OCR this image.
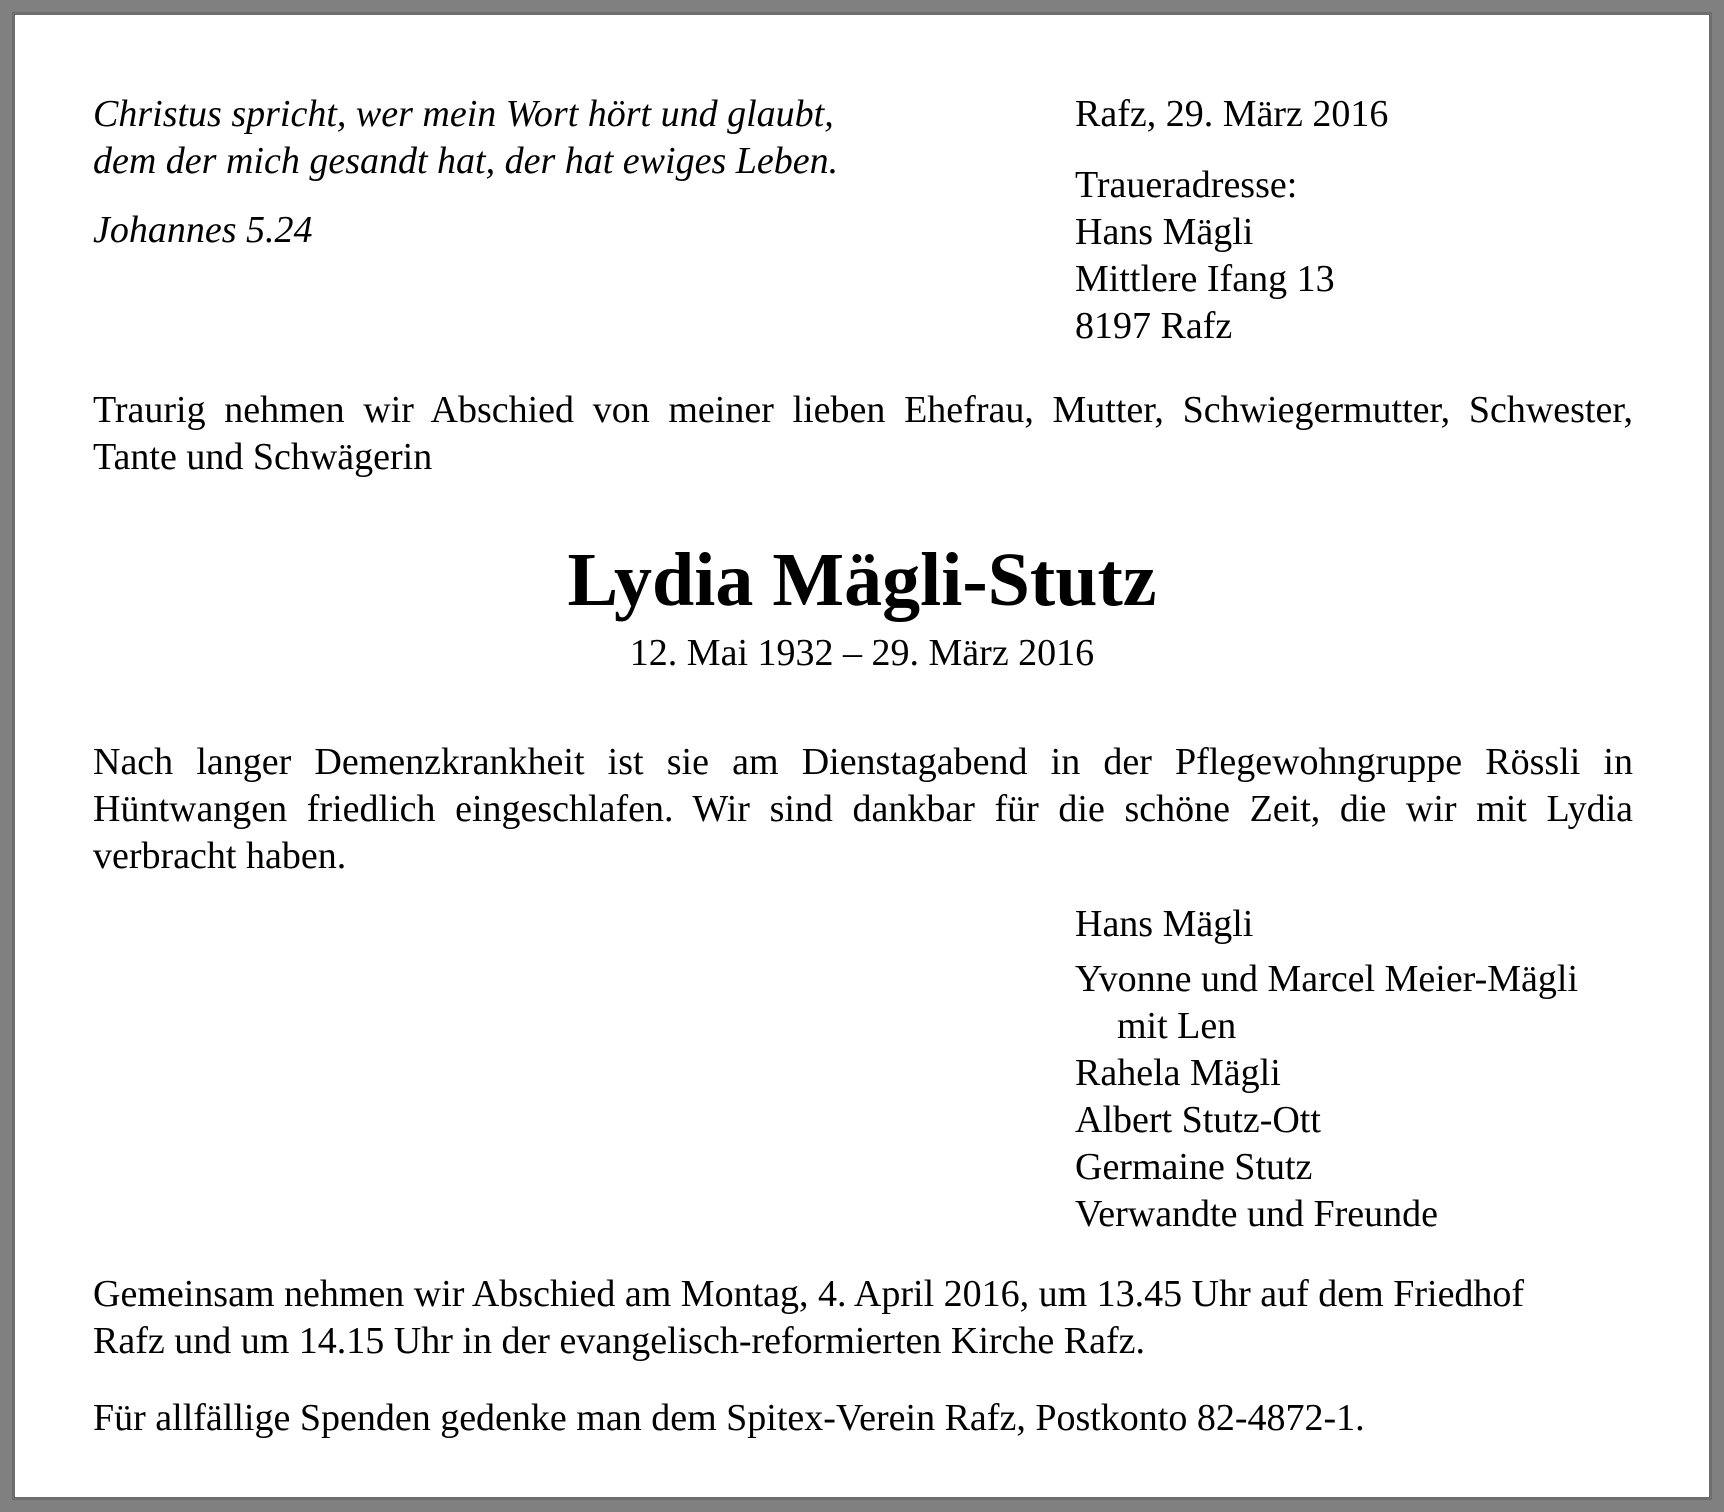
Christus spricht, wer mein Wort hört und glaubt,
dem der mich gesandt hat, der hat ewiges Leben.
Johannes 5.24
Rafz, 29. März 2016
Traueradresse:
Hans Mägli
Mittlere Ifang 13
8197 Rafz
Traurig nehmen wir Abschied von meiner lieben Ehefrau, Mutter, Schwiegermutter, Schwester, Tante und Schwägerin
Lydia Mägli-Stutz
12. Mai 1932 – 29. März 2016
Nach langer Demenzkrankheit ist sie am Dienstagabend in der Pflegewohngruppe Rössli in Hüntwangen friedlich eingeschlafen. Wir sind dankbar für die schöne Zeit, die wir mit Lydia verbracht haben.
Hans Mägli
Yvonne und Marcel Meier-Mägli
mit Len
Rahela Mägli
Albert Stutz-Ott
Germaine Stutz
Verwandte und Freunde
Gemeinsam nehmen wir Abschied am Montag, 4. April 2016, um 13.45 Uhr auf dem Friedhof
Rafz und um 14.15 Uhr in der evangelisch-reformierten Kirche Rafz.
Für allfällige Spenden gedenke man dem Spitex-Verein Rafz, Postkonto 82-4872-1.
